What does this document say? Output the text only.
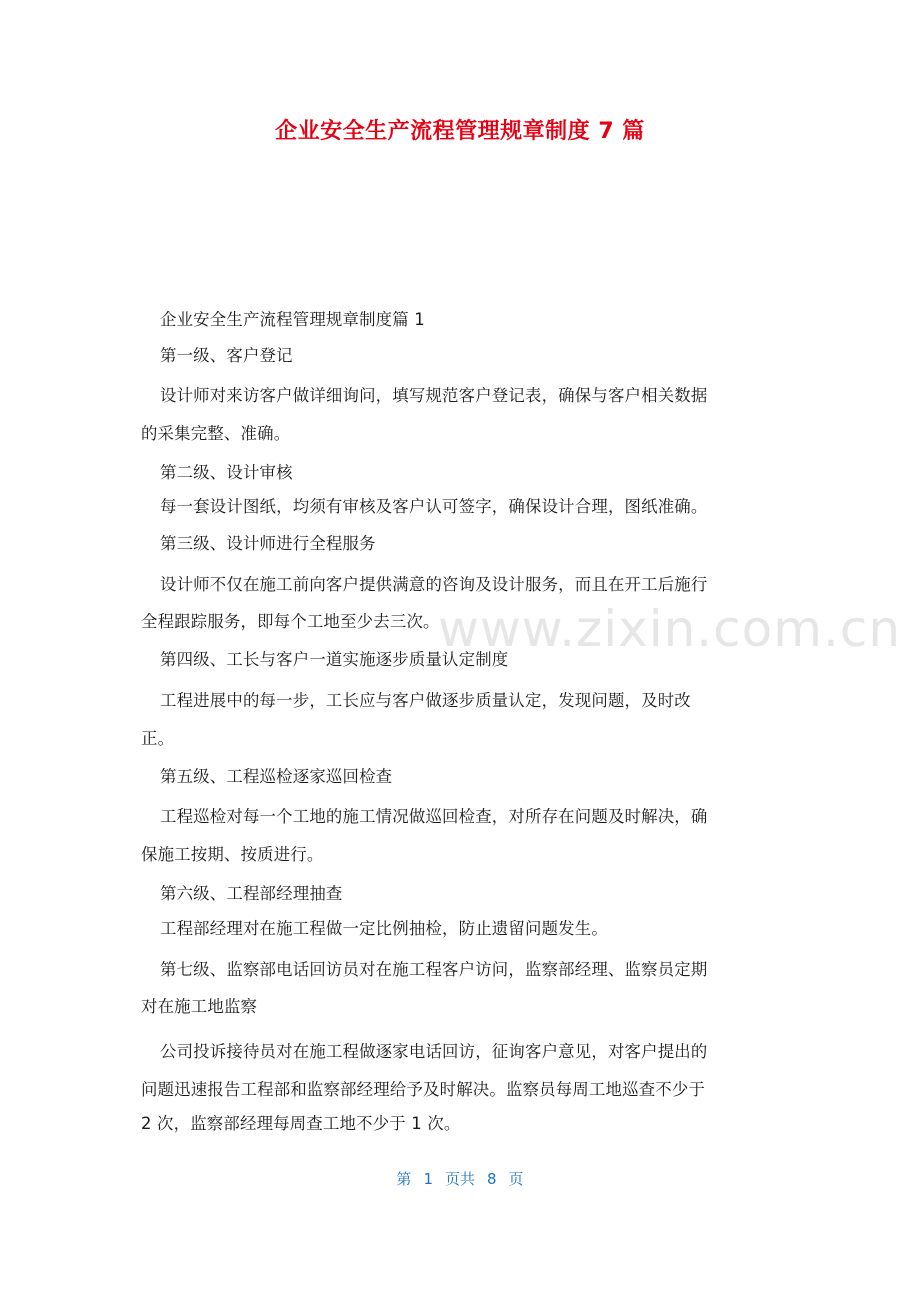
www.zixin.com.cn
企业安全生产流程管理规章制度 7 篇
企业安全生产流程管理规章制度篇 1
第一级、客户登记
设计师对来访客户做详细询问，填写规范客户登记表，确保与客户相关数据
的采集完整、准确。
第二级、设计审核
每一套设计图纸，均须有审核及客户认可签字，确保设计合理，图纸准确。
第三级、设计师进行全程服务
设计师不仅在施工前向客户提供满意的咨询及设计服务，而且在开工后施行
全程跟踪服务，即每个工地至少去三次。
第四级、工长与客户一道实施逐步质量认定制度
工程进展中的每一步，工长应与客户做逐步质量认定，发现问题，及时改
正。
第五级、工程巡检逐家巡回检查
工程巡检对每一个工地的施工情况做巡回检查，对所存在问题及时解决，确
保施工按期、按质进行。
第六级、工程部经理抽查
工程部经理对在施工程做一定比例抽检，防止遗留问题发生。
第七级、监察部电话回访员对在施工程客户访问，监察部经理、监察员定期
对在施工地监察
公司投诉接待员对在施工程做逐家电话回访，征询客户意见，对客户提出的
问题迅速报告工程部和监察部经理给予及时解决。监察员每周工地巡查不少于
2 次，监察部经理每周查工地不少于 1 次。
第 1 页共 8 页
